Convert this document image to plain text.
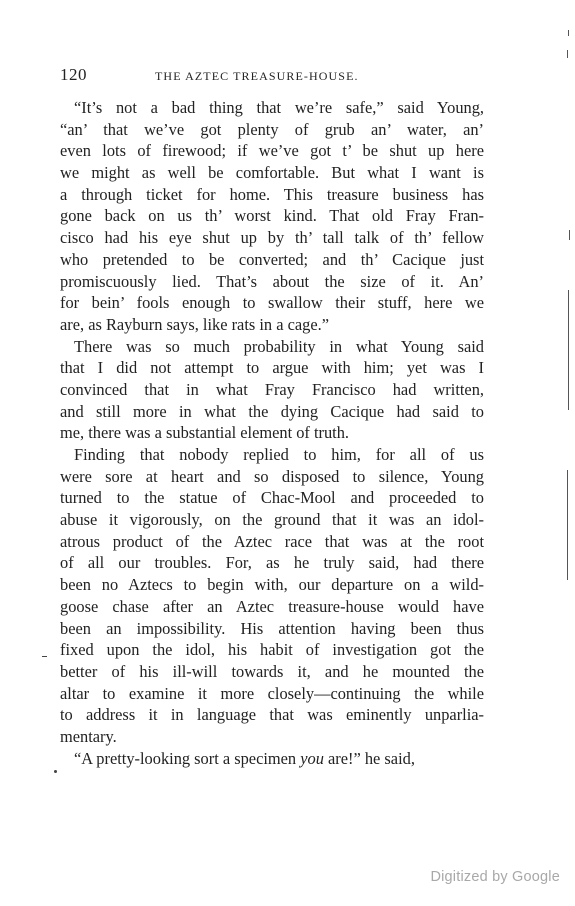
120	THE AZTEC TREASURE-HOUSE.
“It’s not a bad thing that we’re safe,” said Young,
“an’ that we’ve got plenty of grub an’ water, an’
even lots of firewood; if we’ve got t’ be shut up here
we might as well be comfortable. But what I want is
a through ticket for home. This treasure business has
gone back on us th’ worst kind. That old Fray Fran-
cisco had his eye shut up by th’ tall talk of th’ fellow
who pretended to be converted; and th’ Cacique just
promiscuously lied. That’s about the size of it. An’
for bein’ fools enough to swallow their stuff, here we
are, as Rayburn says, like rats in a cage.”
There was so much probability in what Young said
that I did not attempt to argue with him; yet was I
convinced that in what Fray Francisco had written,
and still more in what the dying Cacique had said to
me, there was a substantial element of truth.
Finding that nobody replied to him, for all of us
were sore at heart and so disposed to silence, Young
turned to the statue of Chac-Mool and proceeded to
abuse it vigorously, on the ground that it was an idol-
atrous product of the Aztec race that was at the root
of all our troubles. For, as he truly said, had there
been no Aztecs to begin with, our departure on a wild-
goose chase after an Aztec treasure-house would have
been an impossibility. His attention having been thus
fixed upon the idol, his habit of investigation got the
better of his ill-will towards it, and he mounted the
altar to examine it more closely—continuing the while
to address it in language that was eminently unparlia-
mentary.
“A pretty-looking sort a specimen you are!” he said,
Digitized by Google
